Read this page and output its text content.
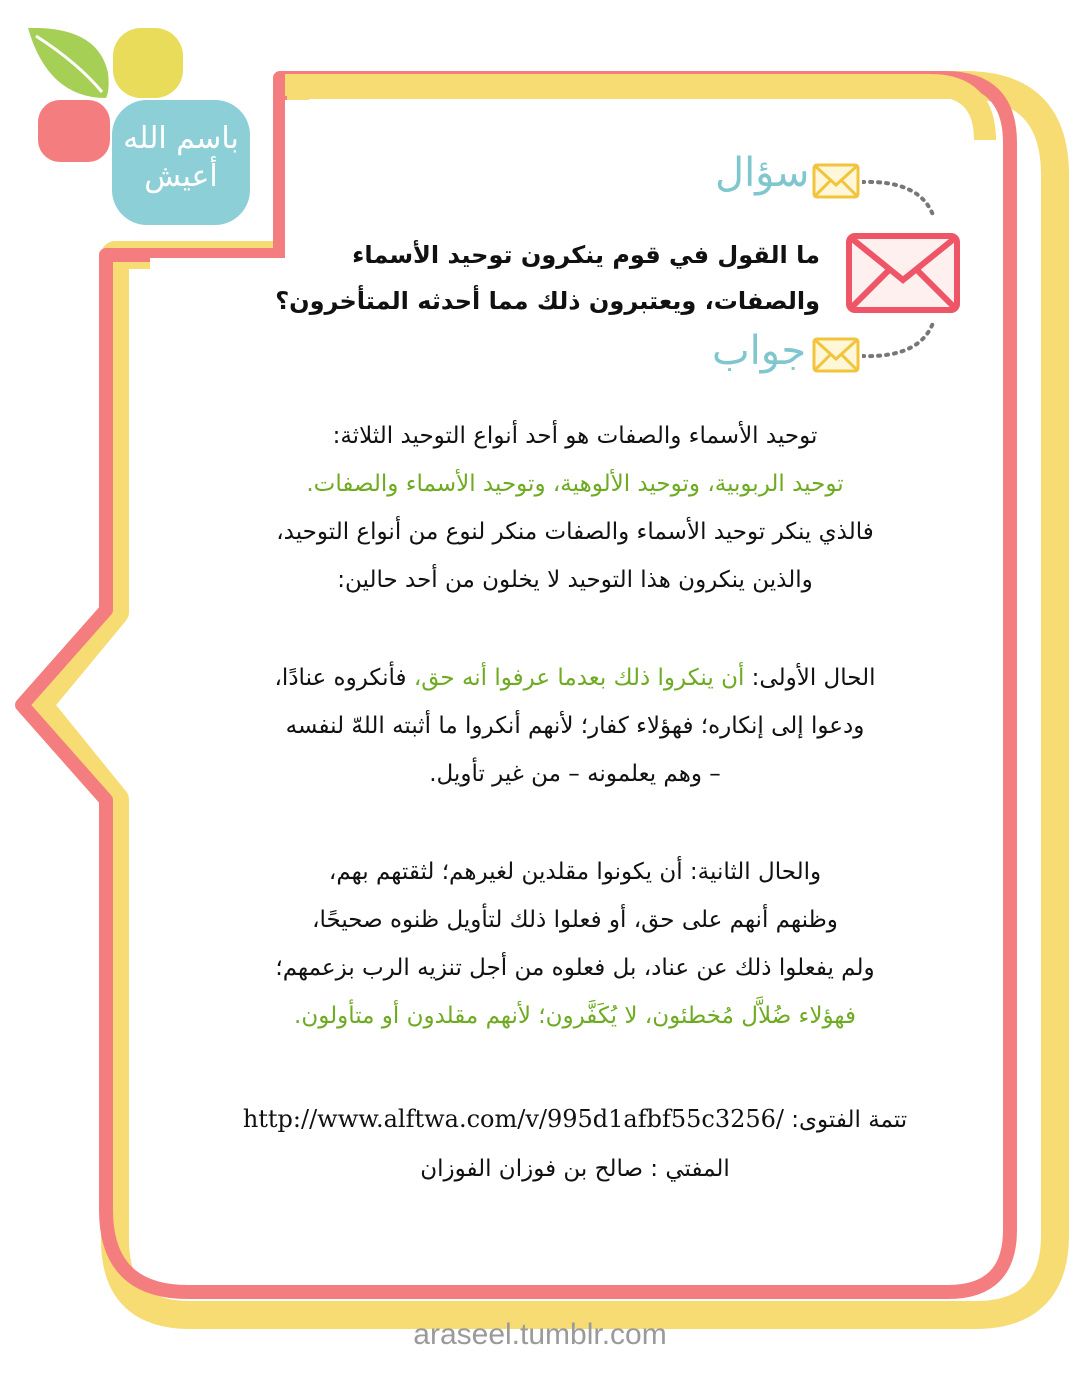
باسم الله
أعيش	سؤال
جواب
ما القول في قوم ينكرون توحيد الأسماء
والصفات، ويعتبرون ذلك مما أحدثه المتأخرون؟
توحيد الأسماء والصفات هو أحد أنواع التوحيد الثلاثة:
توحيد الربوبية، وتوحيد الألوهية، وتوحيد الأسماء والصفات.
فالذي ينكر توحيد الأسماء والصفات منكر لنوع من أنواع التوحيد،
والذين ينكرون هذا التوحيد لا يخلون من أحد حالين:
الحال الأولى: أن ينكروا ذلك بعدما عرفوا أنه حق، فأنكروه عنادًا،
ودعوا إلى إنكاره؛ فهؤلاء كفار؛ لأنهم أنكروا ما أثبته اللهّ لنفسه
– وهم يعلمونه – من غير تأويل.
والحال الثانية: أن يكونوا مقلدين لغيرهم؛ لثقتهم بهم،
وظنهم أنهم على حق، أو فعلوا ذلك لتأويل ظنوه صحيحًا،
ولم يفعلوا ذلك عن عناد، بل فعلوه من أجل تنزيه الرب بزعمهم؛
فهؤلاء ضُلاَّل مُخطئون، لا يُكَفَّرون؛ لأنهم مقلدون أو متأولون.
تتمة الفتوى: http://www.alftwa.com/v/995d1afbf55c3256/
المفتي : صالح بن فوزان الفوزان
araseel.tumblr.com
